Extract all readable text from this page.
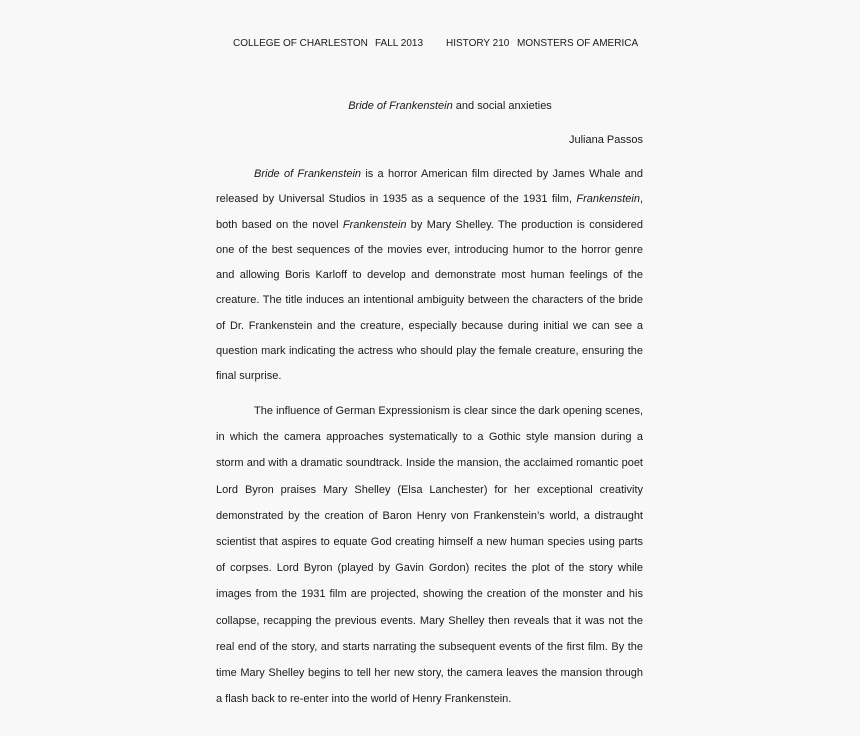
COLLEGE OF CHARLESTON FALL 2013 HISTORY 210 MONSTERS OF AMERICA
Bride of Frankenstein and social anxieties
Juliana Passos
Bride of Frankenstein is a horror American film directed by James Whale and
released by Universal Studios in 1935 as a sequence of the 1931 film, Frankenstein,
both based on the novel Frankenstein by Mary Shelley. The production is considered
one of the best sequences of the movies ever, introducing humor to the horror genre
and allowing Boris Karloff to develop and demonstrate most human feelings of the
creature. The title induces an intentional ambiguity between the characters of the bride
of Dr. Frankenstein and the creature, especially because during initial we can see a
question mark indicating the actress who should play the female creature, ensuring the
final surprise.
The influence of German Expressionism is clear since the dark opening scenes,
in which the camera approaches systematically to a Gothic style mansion during a
storm and with a dramatic soundtrack. Inside the mansion, the acclaimed romantic poet
Lord Byron praises Mary Shelley (Elsa Lanchester) for her exceptional creativity
demonstrated by the creation of Baron Henry von Frankenstein’s world, a distraught
scientist that aspires to equate God creating himself a new human species using parts
of corpses. Lord Byron (played by Gavin Gordon) recites the plot of the story while
images from the 1931 film are projected, showing the creation of the monster and his
collapse, recapping the previous events. Mary Shelley then reveals that it was not the
real end of the story, and starts narrating the subsequent events of the first film. By the
time Mary Shelley begins to tell her new story, the camera leaves the mansion through
a flash back to re-enter into the world of Henry Frankenstein.
